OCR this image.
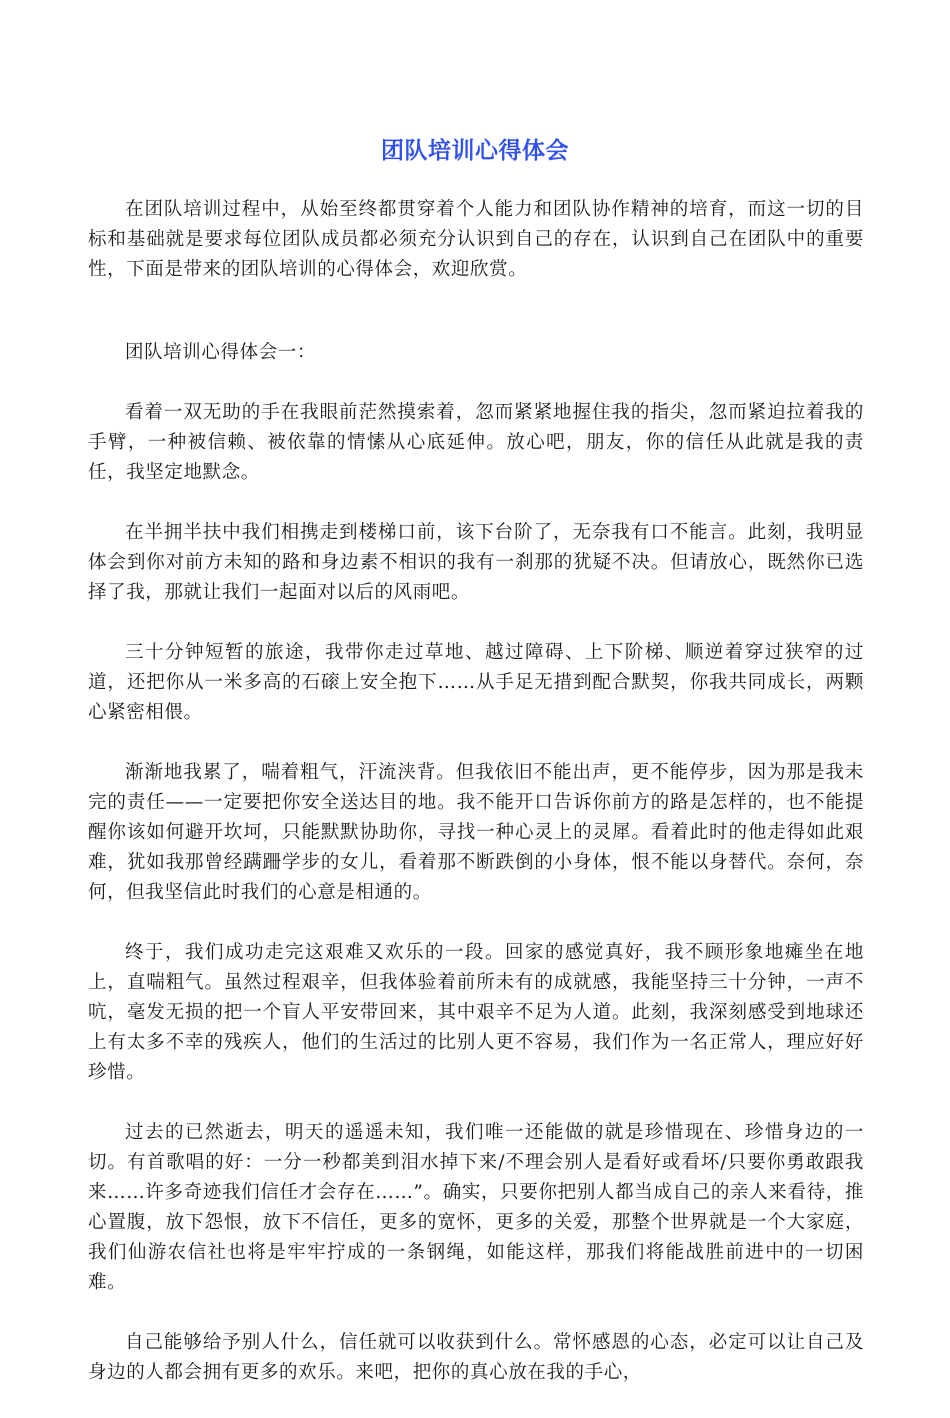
团队培训心得体会

在团队培训过程中，从始至终都贯穿着个人能力和团队协作精神的培育，而这一切的目标和基础就是要求每位团队成员都必须充分认识到自己的存在，认识到自己在团队中的重要性，下面是带来的团队培训的心得体会，欢迎欣赏。

团队培训心得体会一：

看着一双无助的手在我眼前茫然摸索着，忽而紧紧地握住我的指尖，忽而紧迫拉着我的手臂，一种被信赖、被依靠的情愫从心底延伸。放心吧，朋友，你的信任从此就是我的责任，我坚定地默念。

在半拥半扶中我们相携走到楼梯口前，该下台阶了，无奈我有口不能言。此刻，我明显体会到你对前方未知的路和身边素不相识的我有一刹那的犹疑不决。但请放心，既然你已选择了我，那就让我们一起面对以后的风雨吧。

三十分钟短暂的旅途，我带你走过草地、越过障碍、上下阶梯、顺逆着穿过狭窄的过道，还把你从一米多高的石磙上安全抱下……从手足无措到配合默契，你我共同成长，两颗心紧密相偎。

渐渐地我累了，喘着粗气，汗流浃背。但我依旧不能出声，更不能停步，因为那是我未完的责任——一定要把你安全送达目的地。我不能开口告诉你前方的路是怎样的，也不能提醒你该如何避开坎坷，只能默默协助你，寻找一种心灵上的灵犀。看着此时的他走得如此艰难，犹如我那曾经蹒跚学步的女儿，看着那不断跌倒的小身体，恨不能以身替代。奈何，奈何，但我坚信此时我们的心意是相通的。

终于，我们成功走完这艰难又欢乐的一段。回家的感觉真好，我不顾形象地瘫坐在地上，直喘粗气。虽然过程艰辛，但我体验着前所未有的成就感，我能坚持三十分钟，一声不吭，毫发无损的把一个盲人平安带回来，其中艰辛不足为人道。此刻，我深刻感受到地球还上有太多不幸的残疾人，他们的生活过的比别人更不容易，我们作为一名正常人，理应好好珍惜。

过去的已然逝去，明天的遥遥未知，我们唯一还能做的就是珍惜现在、珍惜身边的一切。有首歌唱的好：一分一秒都美到泪水掉下来/不理会别人是看好或看坏/只要你勇敢跟我来……许多奇迹我们信任才会存在……”。确实，只要你把别人都当成自己的亲人来看待，推心置腹，放下怨恨，放下不信任，更多的宽怀，更多的关爱，那整个世界就是一个大家庭，我们仙游农信社也将是牢牢拧成的一条钢绳，如能这样，那我们将能战胜前进中的一切困难。

自己能够给予别人什么，信任就可以收获到什么。常怀感恩的心态，必定可以让自己及身边的人都会拥有更多的欢乐。来吧，把你的真心放在我的手心，
